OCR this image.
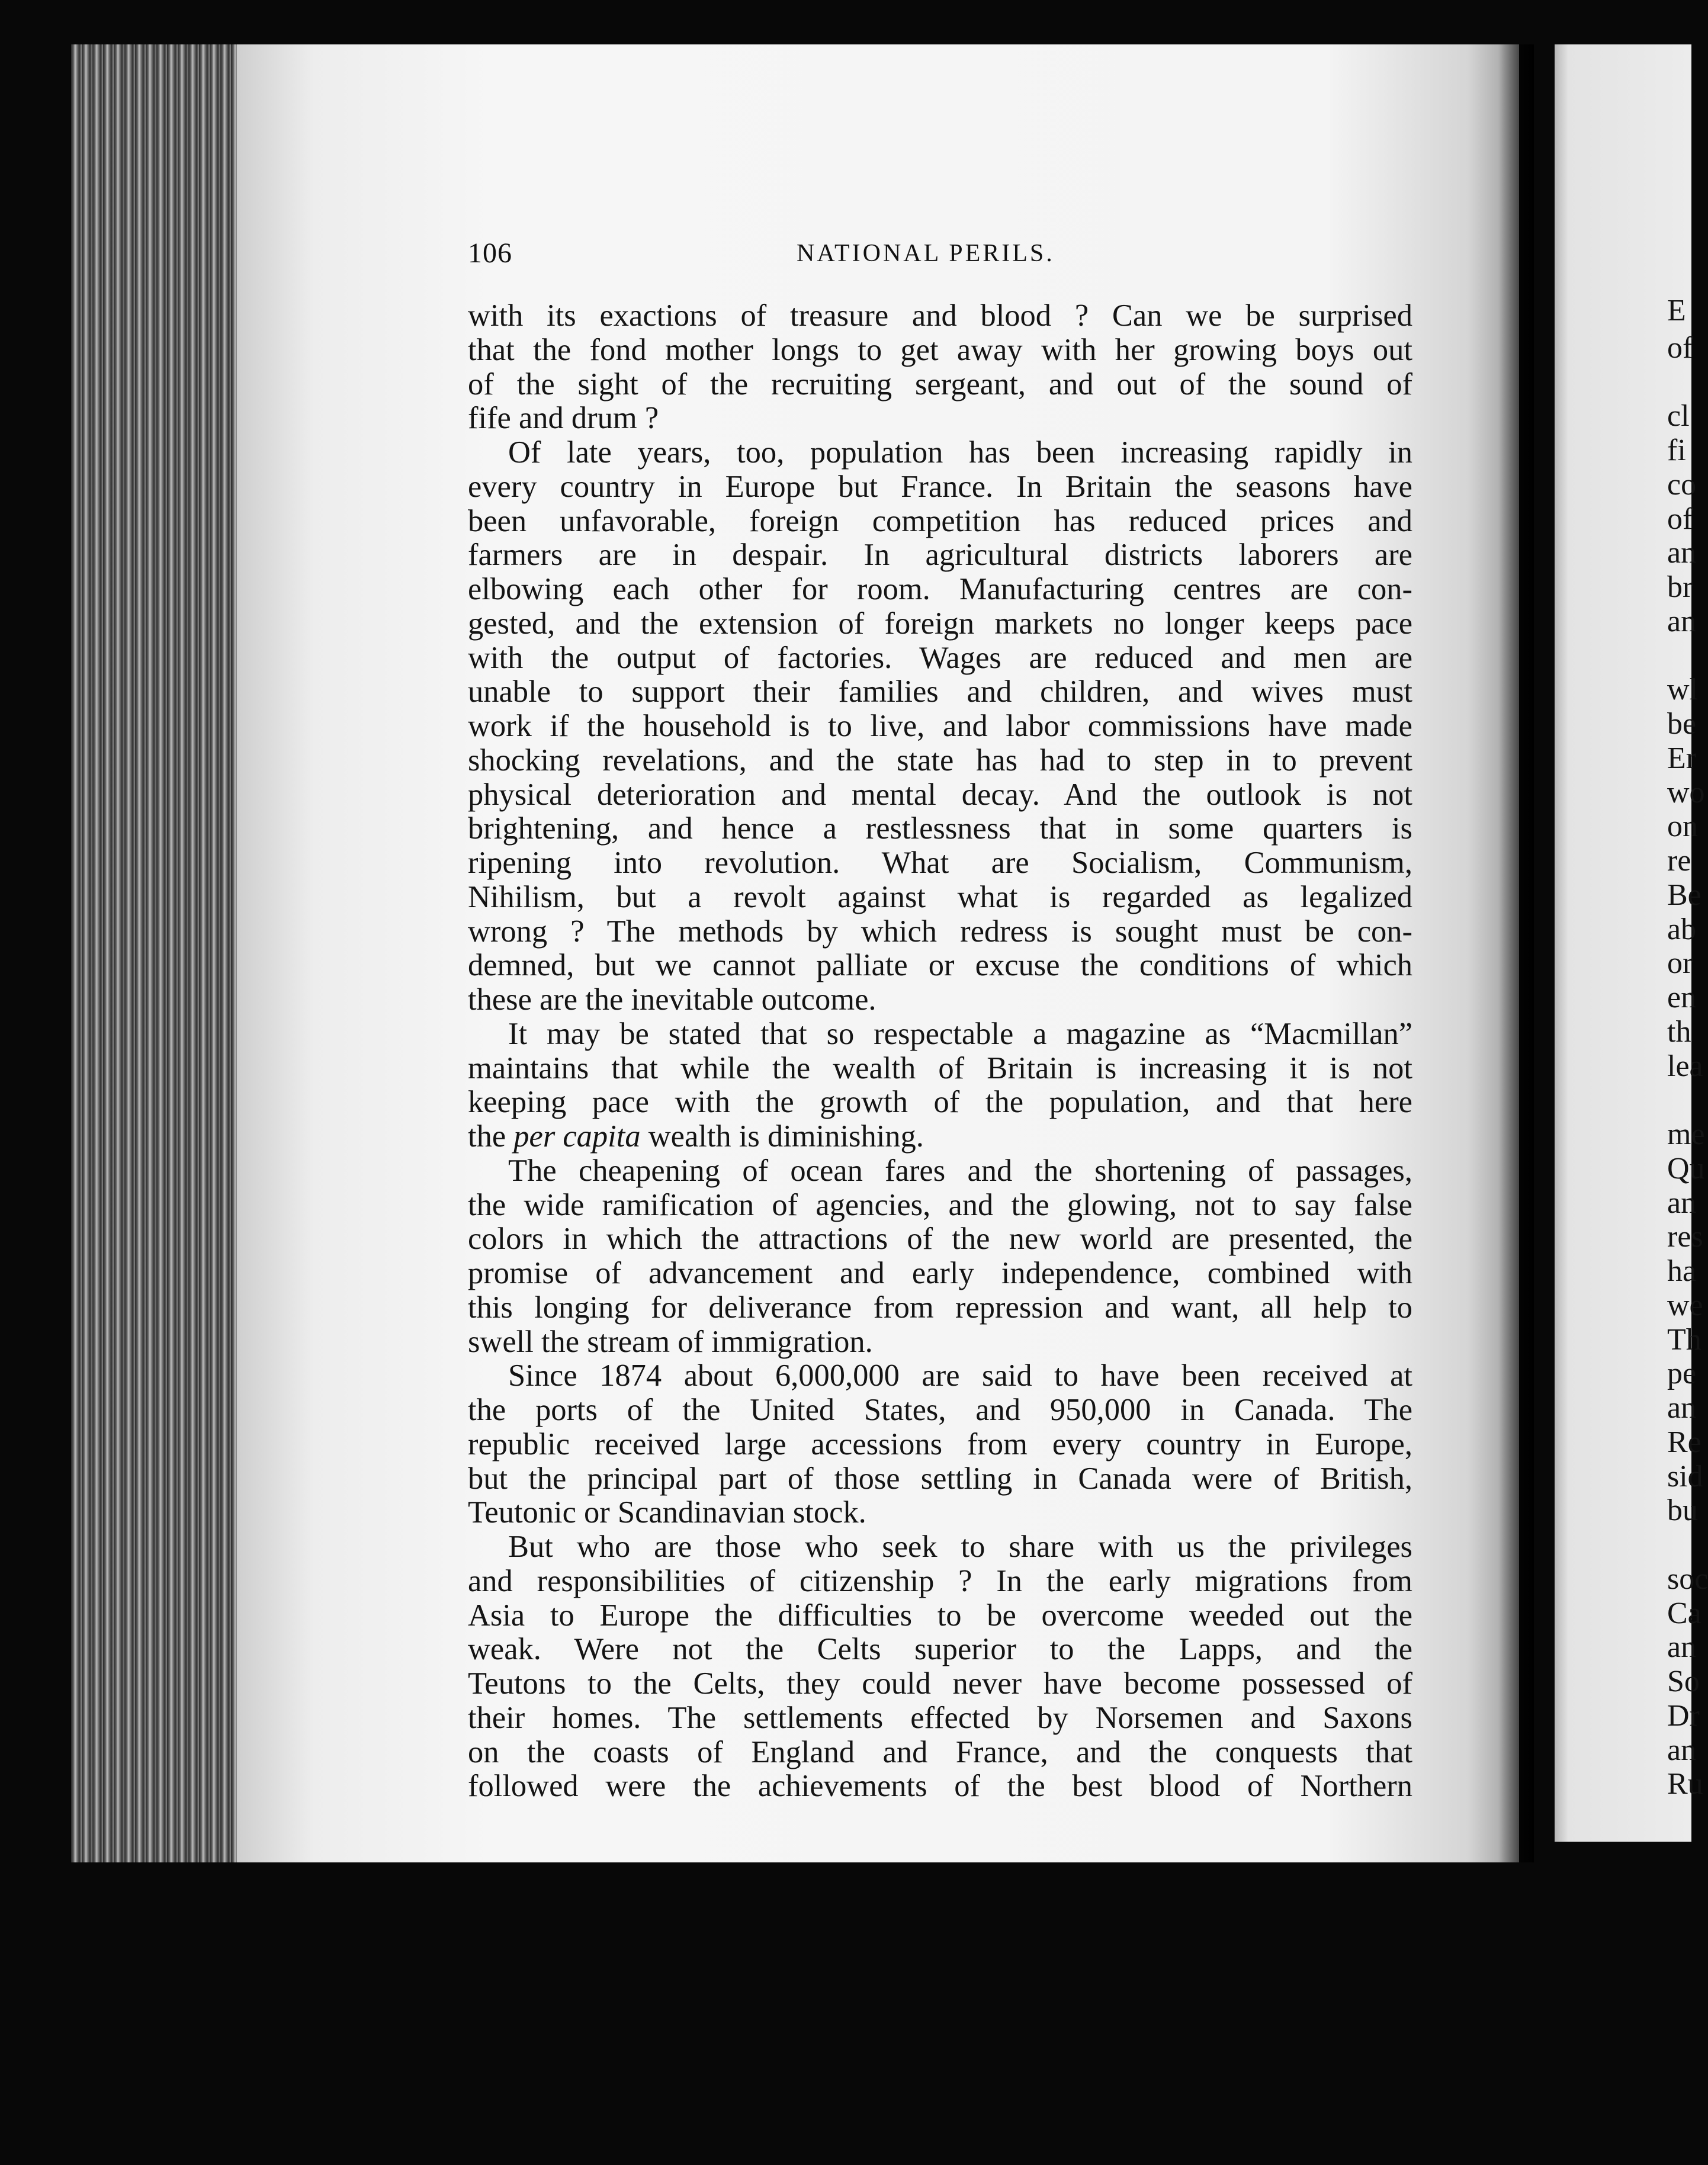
106	NATIONAL PERILS.
with its exactions of treasure and blood ? Can we be surprised
that the fond mother longs to get away with her growing boys out
of the sight of the recruiting sergeant, and out of the sound of
fife and drum ?
Of late years, too, population has been increasing rapidly in
every country in Europe but France. In Britain the seasons have
been unfavorable, foreign competition has reduced prices and
farmers are in despair. In agricultural districts laborers are
elbowing each other for room. Manufacturing centres are con-
gested, and the extension of foreign markets no longer keeps pace
with the output of factories. Wages are reduced and men are
unable to support their families and children, and wives must
work if the household is to live, and labor commissions have made
shocking revelations, and the state has had to step in to prevent
physical deterioration and mental decay. And the outlook is not
brightening, and hence a restlessness that in some quarters is
ripening into revolution. What are Socialism, Communism,
Nihilism, but a revolt against what is regarded as legalized
wrong ? The methods by which redress is sought must be con-
demned, but we cannot palliate or excuse the conditions of which
these are the inevitable outcome.
It may be stated that so respectable a magazine as “Macmillan”
maintains that while the wealth of Britain is increasing it is not
keeping pace with the growth of the population, and that here
the per capita wealth is diminishing.
The cheapening of ocean fares and the shortening of passages,
the wide ramification of agencies, and the glowing, not to say false
colors in which the attractions of the new world are presented, the
promise of advancement and early independence, combined with
this longing for deliverance from repression and want, all help to
swell the stream of immigration.
Since 1874 about 6,000,000 are said to have been received at
the ports of the United States, and 950,000 in Canada. The
republic received large accessions from every country in Europe,
but the principal part of those settling in Canada were of British,
Teutonic or Scandinavian stock.
But who are those who seek to share with us the privileges
and responsibilities of citizenship ? In the early migrations from
Asia to Europe the difficulties to be overcome weeded out the
weak. Were not the Celts superior to the Lapps, and the
Teutons to the Celts, they could never have become possessed of
their homes. The settlements effected by Norsemen and Saxons
on the coasts of England and France, and the conquests that
followed were the achievements of the best blood of Northern
E
of
cl
fi
co
of
an
br
an
wl
be
Er
wo
on
re
Be
ab
or
en
th
lea
me
Qu
an
res
ha
we
Th
pe
an
Re
sid
bu
soc
Ca
an
So
Dr
an
Ru
